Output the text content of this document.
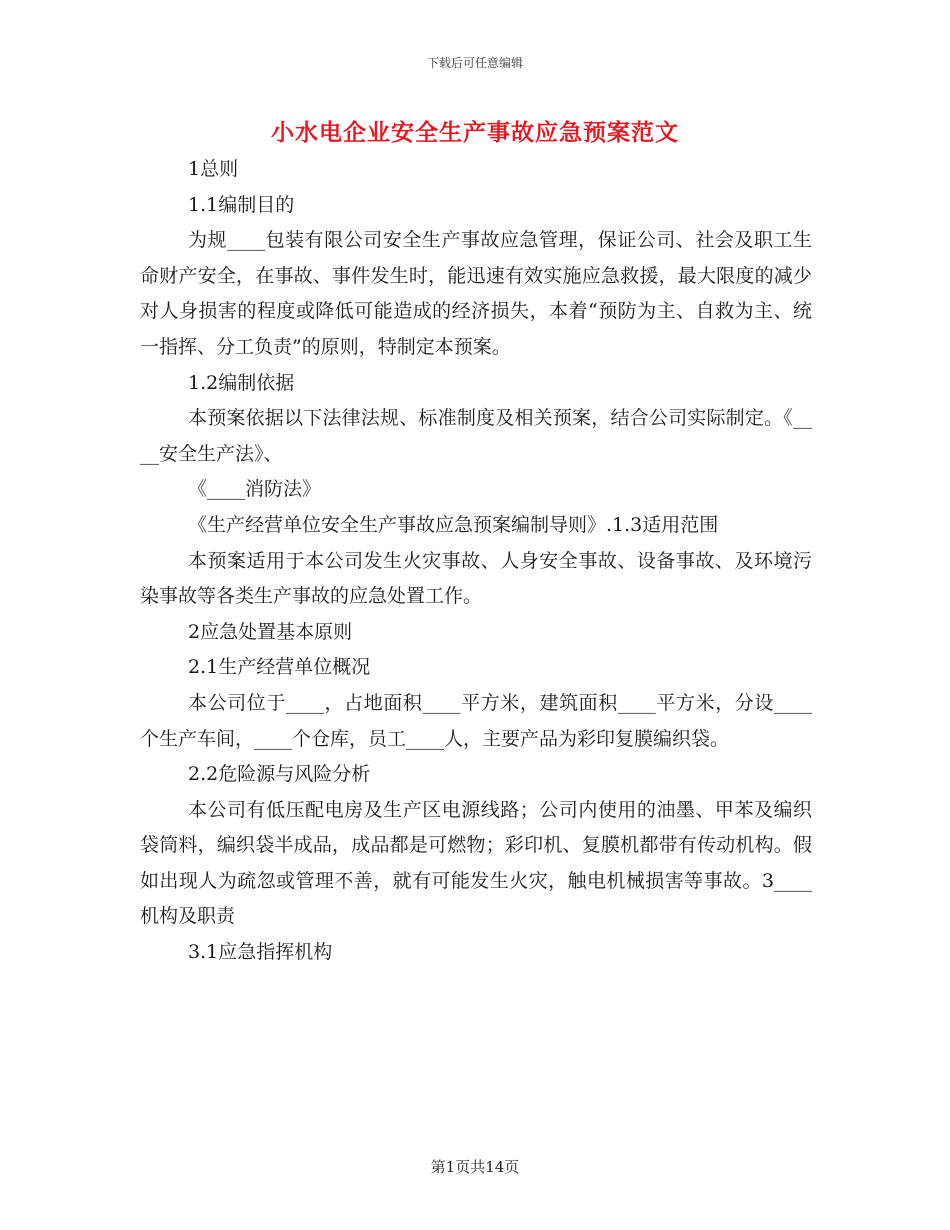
下载后可任意编辑
小水电企业安全生产事故应急预案范文

1总则

1.1编制目的

为规____包装有限公司安全生产事故应急管理，保证公司、社会及职工生命财产安全，在事故、事件发生时，能迅速有效实施应急救援，最大限度的减少对人身损害的程度或降低可能造成的经济损失，本着“预防为主、自救为主、统一指挥、分工负责”的原则，特制定本预案。

1.2编制依据

本预案依据以下法律法规、标准制度及相关预案，结合公司实际制定。《____安全生产法》、

《____消防法》

《生产经营单位安全生产事故应急预案编制导则》.1.3适用范围

本预案适用于本公司发生火灾事故、人身安全事故、设备事故、及环境污染事故等各类生产事故的应急处置工作。

2应急处置基本原则

2.1生产经营单位概况

本公司位于____，占地面积____平方米，建筑面积____平方米，分设____个生产车间，____个仓库，员工____人，主要产品为彩印复膜编织袋。

2.2危险源与风险分析

本公司有低压配电房及生产区电源线路；公司内使用的油墨、甲苯及编织袋筒料，编织袋半成品，成品都是可燃物；彩印机、复膜机都带有传动机构。假如出现人为疏忽或管理不善，就有可能发生火灾，触电机械损害等事故。3____机构及职责

3.1应急指挥机构

第1页共14页
